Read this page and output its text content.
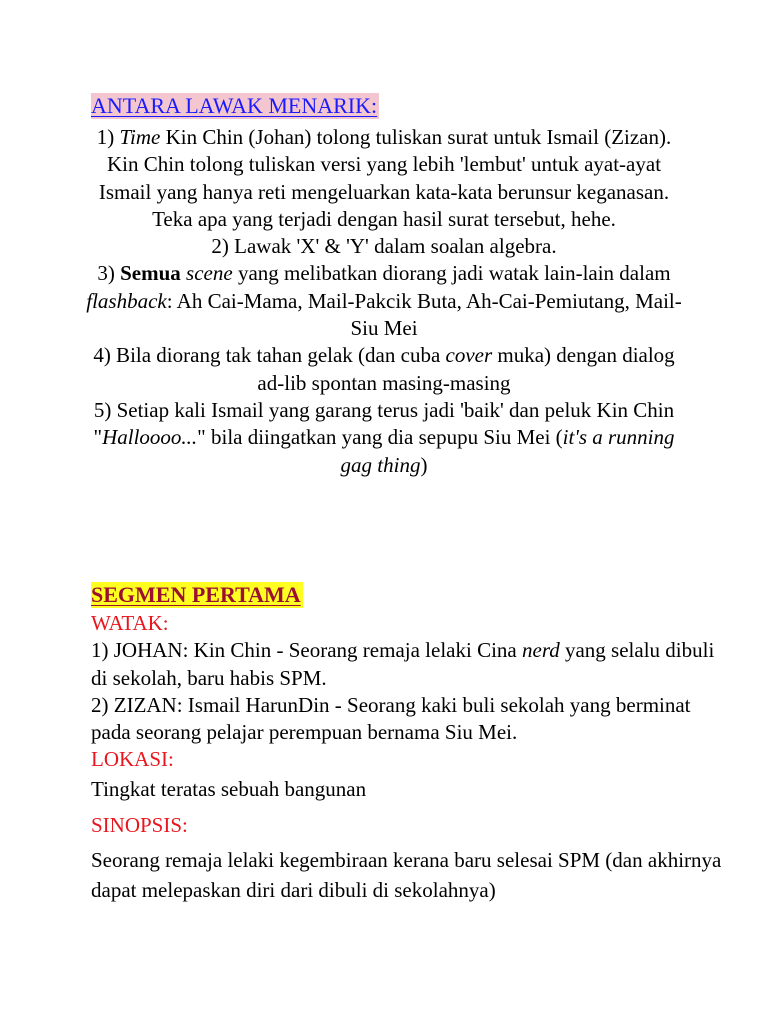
ANTARA LAWAK MENARIK:

1) Time Kin Chin (Johan) tolong tuliskan surat untuk Ismail (Zizan). Kin Chin tolong tuliskan versi yang lebih 'lembut' untuk ayat-ayat Ismail yang hanya reti mengeluarkan kata-kata berunsur keganasan. Teka apa yang terjadi dengan hasil surat tersebut, hehe.

2) Lawak 'X' & 'Y' dalam soalan algebra.

3) Semua scene yang melibatkan diorang jadi watak lain-lain dalam flashback: Ah Cai-Mama, Mail-Pakcik Buta, Ah-Cai-Pemiutang, Mail-Siu Mei

4) Bila diorang tak tahan gelak (dan cuba cover muka) dengan dialog ad-lib spontan masing-masing

5) Setiap kali Ismail yang garang terus jadi 'baik' dan peluk Kin Chin "Halloooo..." bila diingatkan yang dia sepupu Siu Mei (it's a running gag thing)

SEGMEN PERTAMA

WATAK:

1) JOHAN: Kin Chin - Seorang remaja lelaki Cina nerd yang selalu dibuli di sekolah, baru habis SPM.

2) ZIZAN: Ismail HarunDin - Seorang kaki buli sekolah yang berminat pada seorang pelajar perempuan bernama Siu Mei.

LOKASI:

Tingkat teratas sebuah bangunan

SINOPSIS:

Seorang remaja lelaki kegembiraan kerana baru selesai SPM (dan akhirnya dapat melepaskan diri dari dibuli di sekolahnya)
